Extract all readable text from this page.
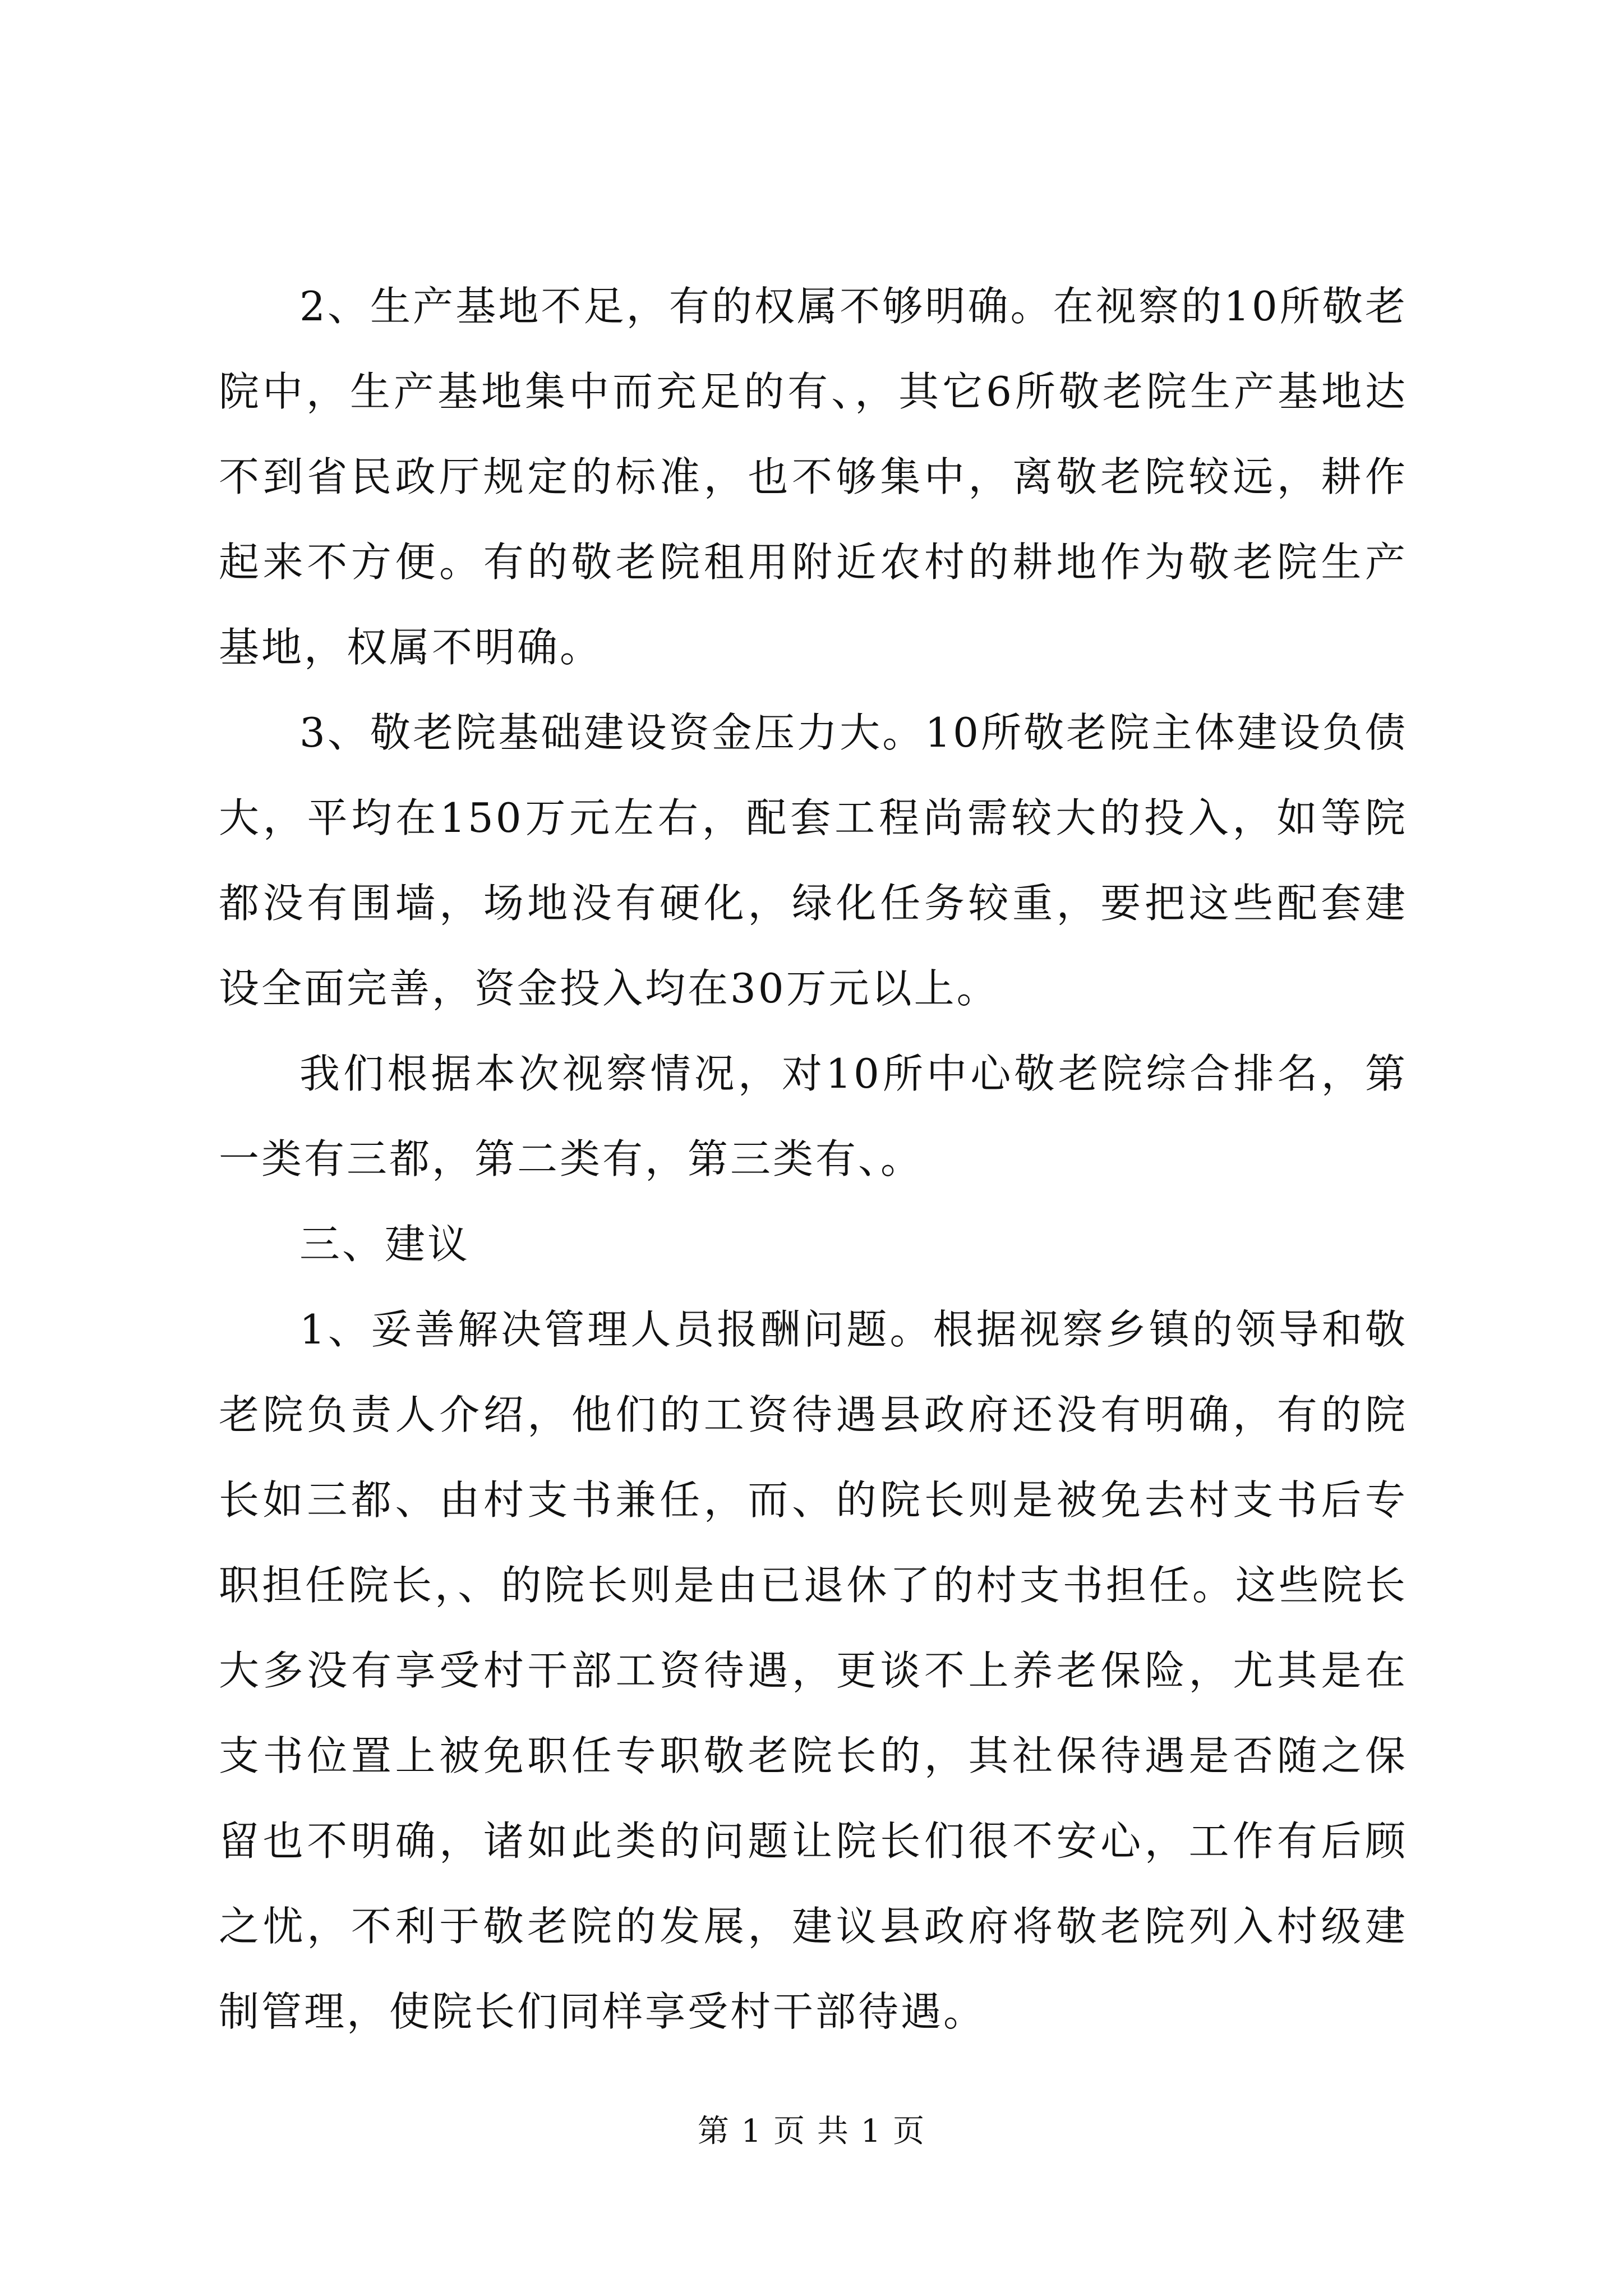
2、生产基地不足，有的权属不够明确。在视察的10所敬老院中，生产基地集中而充足的有、，其它6所敬老院生产基地达不到省民政厅规定的标准，也不够集中，离敬老院较远，耕作起来不方便。有的敬老院租用附近农村的耕地作为敬老院生产基地，权属不明确。

3、敬老院基础建设资金压力大。10所敬老院主体建设负债大，平均在150万元左右，配套工程尚需较大的投入，如等院都没有围墙，场地没有硬化，绿化任务较重，要把这些配套建设全面完善，资金投入均在30万元以上。

我们根据本次视察情况，对10所中心敬老院综合排名，第一类有三都，第二类有，第三类有、。

三、建议

1、妥善解决管理人员报酬问题。根据视察乡镇的领导和敬老院负责人介绍，他们的工资待遇县政府还没有明确，有的院长如三都、由村支书兼任，而、的院长则是被免去村支书后专职担任院长，、的院长则是由已退休了的村支书担任。这些院长大多没有享受村干部工资待遇，更谈不上养老保险，尤其是在支书位置上被免职任专职敬老院长的，其社保待遇是否随之保留也不明确，诸如此类的问题让院长们很不安心，工作有后顾之忧，不利于敬老院的发展，建议县政府将敬老院列入村级建制管理，使院长们同样享受村干部待遇。

第 1 页 共 1 页
